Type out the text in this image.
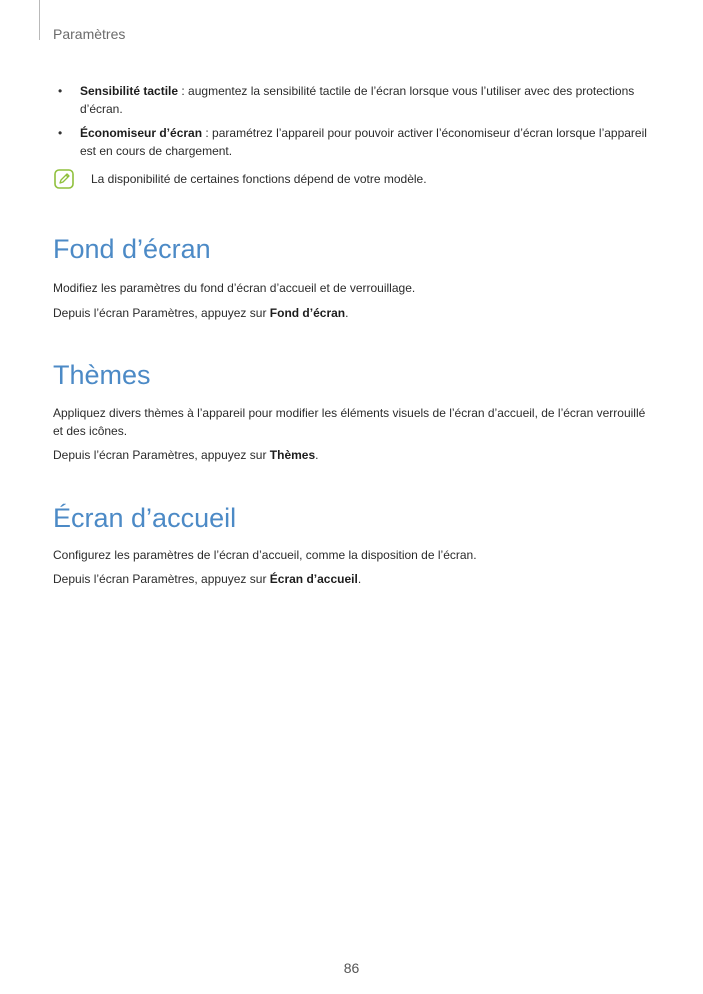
Paramètres
• Sensibilité tactile : augmentez la sensibilité tactile de l’écran lorsque vous l’utiliser avec des protections d’écran.
• Économiseur d’écran : paramétrez l’appareil pour pouvoir activer l’économiseur d’écran lorsque l’appareil est en cours de chargement.
La disponibilité de certaines fonctions dépend de votre modèle.
Fond d’écran

Modifiez les paramètres du fond d’écran d’accueil et de verrouillage.

Depuis l’écran Paramètres, appuyez sur Fond d’écran.

Thèmes

Appliquez divers thèmes à l’appareil pour modifier les éléments visuels de l’écran d’accueil, de l’écran verrouillé et des icônes.

Depuis l’écran Paramètres, appuyez sur Thèmes.

Écran d’accueil

Configurez les paramètres de l’écran d’accueil, comme la disposition de l’écran.

Depuis l’écran Paramètres, appuyez sur Écran d’accueil.

86
